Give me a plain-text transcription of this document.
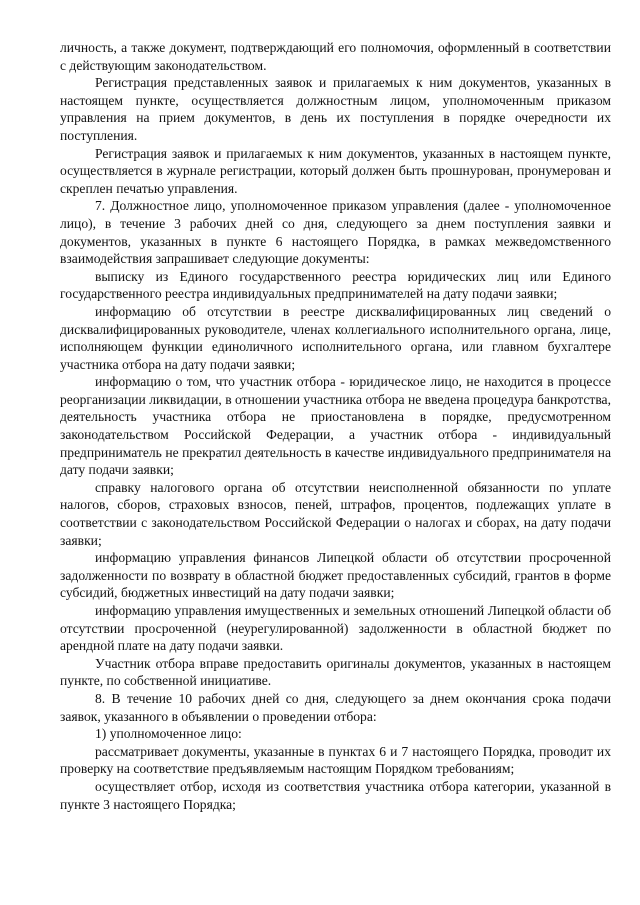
личность, а также документ, подтверждающий его полномочия, оформленный в соответствии с действующим законодательством.

Регистрация представленных заявок и прилагаемых к ним документов, указанных в настоящем пункте, осуществляется должностным лицом, уполномоченным приказом управления на прием документов, в день их поступления в порядке очередности их поступления.

Регистрация заявок и прилагаемых к ним документов, указанных в настоящем пункте, осуществляется в журнале регистрации, который должен быть прошнурован, пронумерован и скреплен печатью управления.

7. Должностное лицо, уполномоченное приказом управления (далее - уполномоченное лицо), в течение 3 рабочих дней со дня, следующего за днем поступления заявки и документов, указанных в пункте 6 настоящего Порядка, в рамках межведомственного взаимодействия запрашивает следующие документы:

выписку из Единого государственного реестра юридических лиц или Единого государственного реестра индивидуальных предпринимателей на дату подачи заявки;

информацию об отсутствии в реестре дисквалифицированных лиц сведений о дисквалифицированных руководителе, членах коллегиального исполнительного органа, лице, исполняющем функции единоличного исполнительного органа, или главном бухгалтере участника отбора на дату подачи заявки;

информацию о том, что участник отбора - юридическое лицо, не находится в процессе реорганизации ликвидации, в отношении участника отбора не введена процедура банкротства, деятельность участника отбора не приостановлена в порядке, предусмотренном законодательством Российской Федерации, а участник отбора - индивидуальный предприниматель не прекратил деятельность в качестве индивидуального предпринимателя на дату подачи заявки;

справку налогового органа об отсутствии неисполненной обязанности по уплате налогов, сборов, страховых взносов, пеней, штрафов, процентов, подлежащих уплате в соответствии с законодательством Российской Федерации о налогах и сборах, на дату подачи заявки;

информацию управления финансов Липецкой области об отсутствии просроченной задолженности по возврату в областной бюджет предоставленных субсидий, грантов в форме субсидий, бюджетных инвестиций на дату подачи заявки;

информацию управления имущественных и земельных отношений Липецкой области об отсутствии просроченной (неурегулированной) задолженности в областной бюджет по арендной плате на дату подачи заявки.

Участник отбора вправе предоставить оригиналы документов, указанных в настоящем пункте, по собственной инициативе.

8. В течение 10 рабочих дней со дня, следующего за днем окончания срока подачи заявок, указанного в объявлении о проведении отбора:

1) уполномоченное лицо:

рассматривает документы, указанные в пунктах 6 и 7 настоящего Порядка, проводит их проверку на соответствие предъявляемым настоящим Порядком требованиям;

осуществляет отбор, исходя из соответствия участника отбора категории, указанной в пункте 3 настоящего Порядка;
